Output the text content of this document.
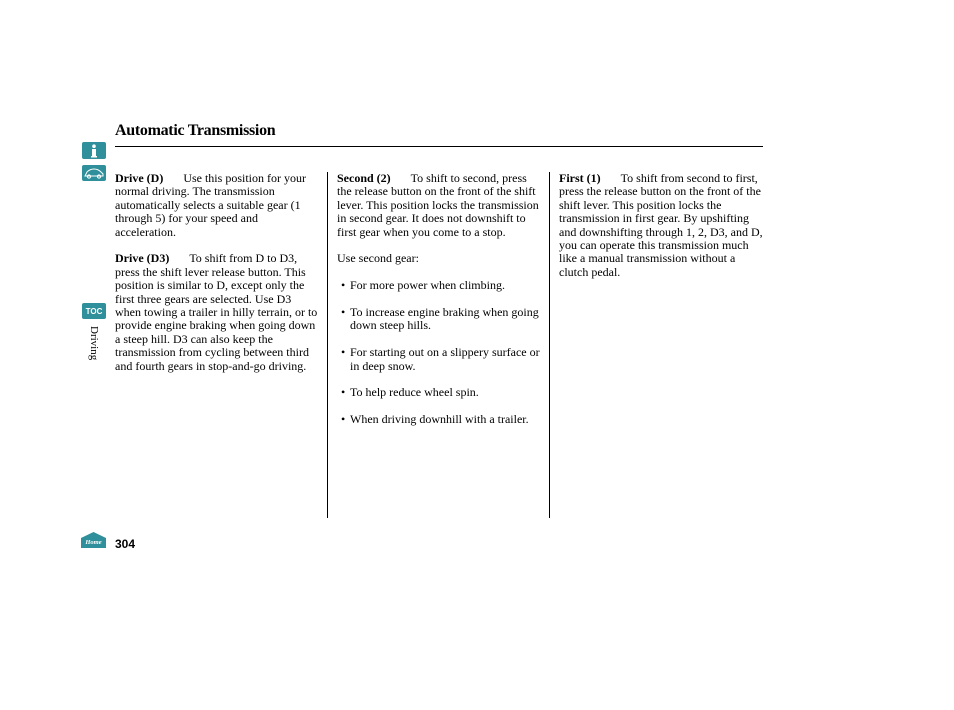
Automatic Transmission
TOC
Driving
Home

Drive (D) Use this position for your normal driving. The transmission automatically selects a suitable gear (1 through 5) for your speed and acceleration.

Drive (D3) To shift from D to D3, press the shift lever release button. This position is similar to D, except only the first three gears are selected. Use D3 when towing a trailer in hilly terrain, or to provide engine braking when going down a steep hill. D3 can also keep the transmission from cycling between third and fourth gears in stop-and-go driving.

Second (2) To shift to second, press the release button on the front of the shift lever. This position locks the transmission in second gear. It does not downshift to first gear when you come to a stop.

Use second gear:

• For more power when climbing.
• To increase engine braking when going down steep hills.
• For starting out on a slippery surface or in deep snow.
• To help reduce wheel spin.
• When driving downhill with a trailer.

First (1) To shift from second to first, press the release button on the front of the shift lever. This position locks the transmission in first gear. By upshifting and downshifting through 1, 2, D3, and D, you can operate this transmission much like a manual transmission without a clutch pedal.

304
